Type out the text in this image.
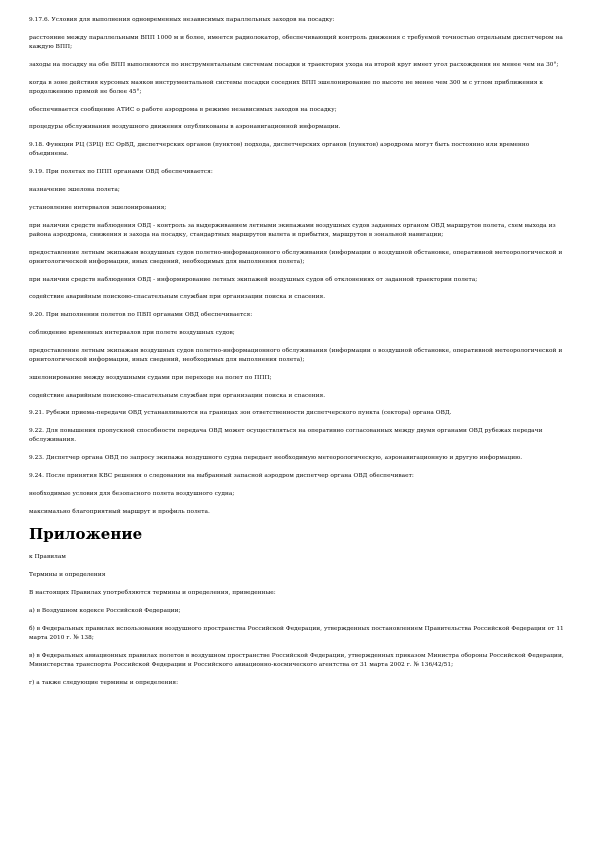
9.17.6. Условия для выполнения одновременных независимых параллельных заходов на посадку:

расстояние между параллельными ВПП 1000 м и более, имеется радиолокатор, обеспечивающий контроль движения с требуемой точностью отдельным диспетчером на каждую ВПП;

заходы на посадку на обе ВПП выполняются по инструментальным системам посадки и траектория ухода на второй круг имеет угол расхождения не менее чем на 30°;

когда в зоне действия курсовых маяков инструментальной системы посадки соседних ВПП эшелонирование по высоте не менее чем 300 м с углом приближения к продолжению прямой не более 45°;

обеспечивается сообщение АТИС о работе аэродрома в режиме независимых заходов на посадку;

процедуры обслуживания воздушного движения опубликованы в аэронавигационной информации.

9.18. Функции РЦ (ЗРЦ) ЕС ОрВД, диспетчерских органов (пунктов) подхода, диспетчерских органов (пунктов) аэродрома могут быть постоянно или временно объединены.

9.19. При полетах по ППП органами ОВД обеспечивается:

назначение эшелона полета;

установление интервалов эшелонирования;

при наличии средств наблюдения ОВД - контроль за выдерживанием летными экипажами воздушных судов заданных органом ОВД маршрутов полета, схем выхода из района аэродрома, снижения и захода на посадку, стандартных маршрутов вылета и прибытия, маршрутов в зональной навигации;

предоставление летным экипажам воздушных судов полетно-информационного обслуживания (информации о воздушной обстановке, оперативной метеорологической и орнитологической информации, иных сведений, необходимых для выполнения полета);

при наличии средств наблюдения ОВД - информирование летных экипажей воздушных судов об отклонениях от заданной траектории полета;

содействие аварийным поисково-спасательным службам при организации поиска и спасения.

9.20. При выполнении полетов по ПВП органами ОВД обеспечивается:

соблюдение временных интервалов при полете воздушных судов;

предоставление летным экипажам воздушных судов полетно-информационного обслуживания (информации о воздушной обстановке, оперативной метеорологической и орнитологической информации, иных сведений, необходимых для выполнения полета);

эшелонирование между воздушными судами при переходе на полет по ППП;

содействие аварийным поисково-спасательным службам при организации поиска и спасения.

9.21. Рубежи приема-передачи ОВД устанавливаются на границах зон ответственности диспетчерского пункта (сектора) органа ОВД.

9.22. Для повышения пропускной способности передача ОВД может осуществляться на оперативно согласованных между двумя органами ОВД рубежах передачи обслуживания.

9.23. Диспетчер органа ОВД по запросу экипажа воздушного судна передает необходимую метеорологическую, аэронавигационную и другую информацию.

9.24. После принятия КВС решения о следовании на выбранный запасной аэродром диспетчер органа ОВД обеспечивает:

необходимые условия для безопасного полета воздушного судна;

максимально благоприятный маршрут и профиль полета.

Приложение

к Правилам

Термины и определения

В настоящих Правилах употребляются термины и определения, приведенные:

а) в Воздушном кодексе Российской Федерации;

б) в Федеральных правилах использования воздушного пространства Российской Федерации, утвержденных постановлением Правительства Российской Федерации от 11 марта 2010 г. № 138;

в) в Федеральных авиационных правилах полетов в воздушном пространстве Российской Федерации, утвержденных приказом Министра обороны Российской Федерации, Министерства транспорта Российской Федерации и Российского авиационно-космического агентства от 31 марта 2002 г. № 136/42/51;

г) а также следующие термины и определения:
